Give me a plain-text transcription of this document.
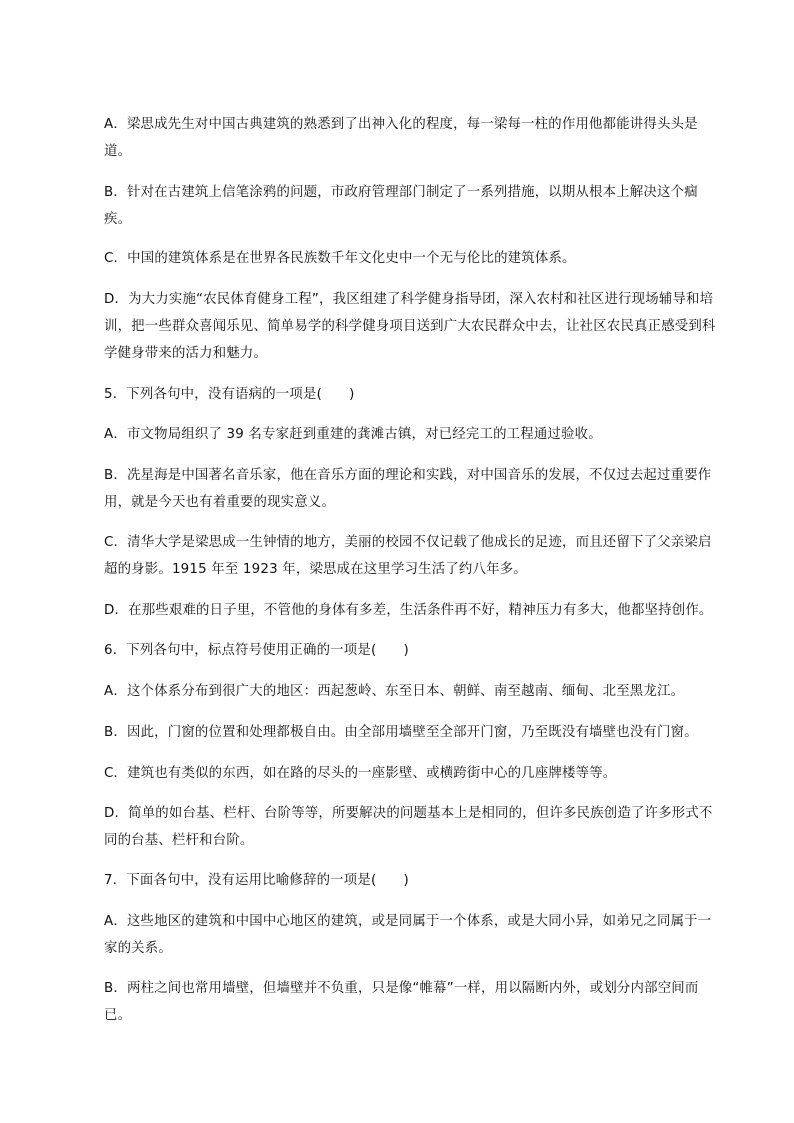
A．梁思成先生对中国古典建筑的熟悉到了出神入化的程度，每一梁每一柱的作用他都能讲得头头是道。

B．针对在古建筑上信笔涂鸦的问题，市政府管理部门制定了一系列措施，以期从根本上解决这个痼疾。

C．中国的建筑体系是在世界各民族数千年文化史中一个无与伦比的建筑体系。

D．为大力实施“农民体育健身工程”，我区组建了科学健身指导团，深入农村和社区进行现场辅导和培训，把一些群众喜闻乐见、简单易学的科学健身项目送到广大农民群众中去，让社区农民真正感受到科学健身带来的活力和魅力。

5．下列各句中，没有语病的一项是(　　)

A．市文物局组织了 39 名专家赶到重建的龚滩古镇，对已经完工的工程通过验收。

B．冼星海是中国著名音乐家，他在音乐方面的理论和实践，对中国音乐的发展，不仅过去起过重要作用，就是今天也有着重要的现实意义。

C．清华大学是梁思成一生钟情的地方，美丽的校园不仅记载了他成长的足迹，而且还留下了父亲梁启超的身影。1915 年至 1923 年，梁思成在这里学习生活了约八年多。

D．在那些艰难的日子里，不管他的身体有多差，生活条件再不好，精神压力有多大，他都坚持创作。

6．下列各句中，标点符号使用正确的一项是(　　)

A．这个体系分布到很广大的地区：西起葱岭、东至日本、朝鲜、南至越南、缅甸、北至黑龙江。

B．因此，门窗的位置和处理都极自由。由全部用墙壁至全部开门窗，乃至既没有墙壁也没有门窗。

C．建筑也有类似的东西，如在路的尽头的一座影壁、或横跨街中心的几座牌楼等等。

D．简单的如台基、栏杆、台阶等等，所要解决的问题基本上是相同的，但许多民族创造了许多形式不同的台基、栏杆和台阶。

7．下面各句中，没有运用比喻修辞的一项是(　　)

A．这些地区的建筑和中国中心地区的建筑，或是同属于一个体系，或是大同小异，如弟兄之同属于一家的关系。

B．两柱之间也常用墙壁，但墙壁并不负重，只是像“帷幕”一样，用以隔断内外，或划分内部空间而已。
